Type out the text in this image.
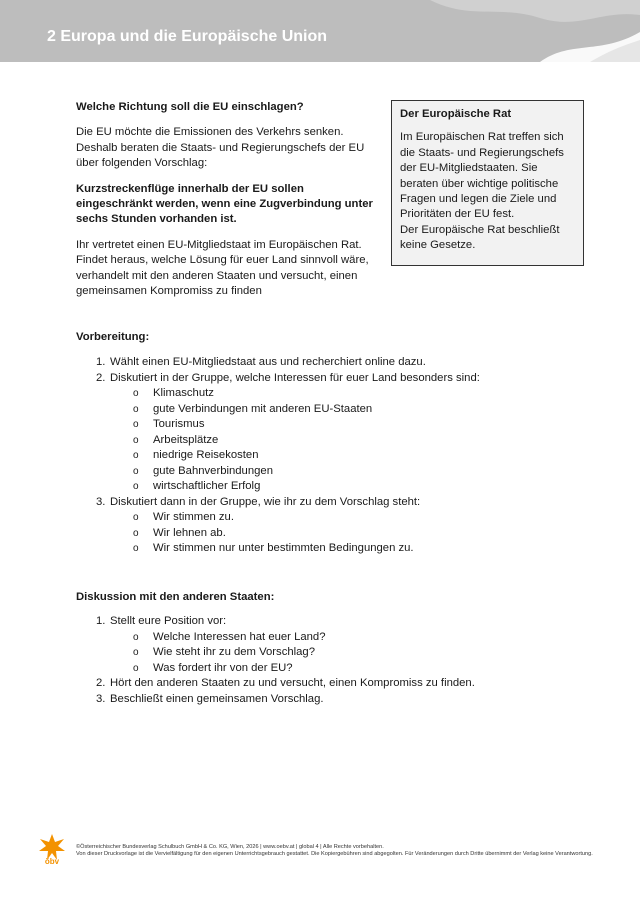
2 Europa und die Europäische Union
Welche Richtung soll die EU einschlagen?

Die EU möchte die Emissionen des Verkehrs senken. Deshalb beraten die Staats- und Regierungschefs der EU über folgenden Vorschlag:

Kurzstreckenflüge innerhalb der EU sollen eingeschränkt werden, wenn eine Zugverbindung unter sechs Stunden vorhanden ist.

Ihr vertretet einen EU-Mitgliedstaat im Europäischen Rat. Findet heraus, welche Lösung für euer Land sinnvoll wäre, verhandelt mit den anderen Staaten und versucht, einen gemeinsamen Kompromiss zu finden

Der Europäische Rat

Im Europäischen Rat treffen sich die Staats- und Regierungschefs der EU-Mitgliedstaaten. Sie beraten über wichtige politische Fragen und legen die Ziele und Prioritäten der EU fest.

Der Europäische Rat beschließt keine Gesetze.

Vorbereitung:
1. Wählt einen EU-Mitgliedstaat aus und recherchiert online dazu.
2. Diskutiert in der Gruppe, welche Interessen für euer Land besonders sind:
o Klimaschutz
o gute Verbindungen mit anderen EU-Staaten
o Tourismus
o Arbeitsplätze
o niedrige Reisekosten
o gute Bahnverbindungen
o wirtschaftlicher Erfolg
3. Diskutiert dann in der Gruppe, wie ihr zu dem Vorschlag steht:
o Wir stimmen zu.
o Wir lehnen ab.
o Wir stimmen nur unter bestimmten Bedingungen zu.
Diskussion mit den anderen Staaten:
1. Stellt eure Position vor:
o Welche Interessen hat euer Land?
o Wie steht ihr zu dem Vorschlag?
o Was fordert ihr von der EU?
2. Hört den anderen Staaten zu und versucht, einen Kompromiss zu finden.
3. Beschließt einen gemeinsamen Vorschlag.
öbv

©Österreichischer Bundesverlag Schulbuch GmbH & Co. KG, Wien, 2026 | www.oebv.at | global 4 | Alle Rechte vorbehalten.

Von dieser Druckvorlage ist die Vervielfältigung für den eigenen Unterrichtsgebrauch gestattet. Die Kopiergebühren sind abgegolten. Für Veränderungen durch Dritte übernimmt der Verlag keine Verantwortung.
